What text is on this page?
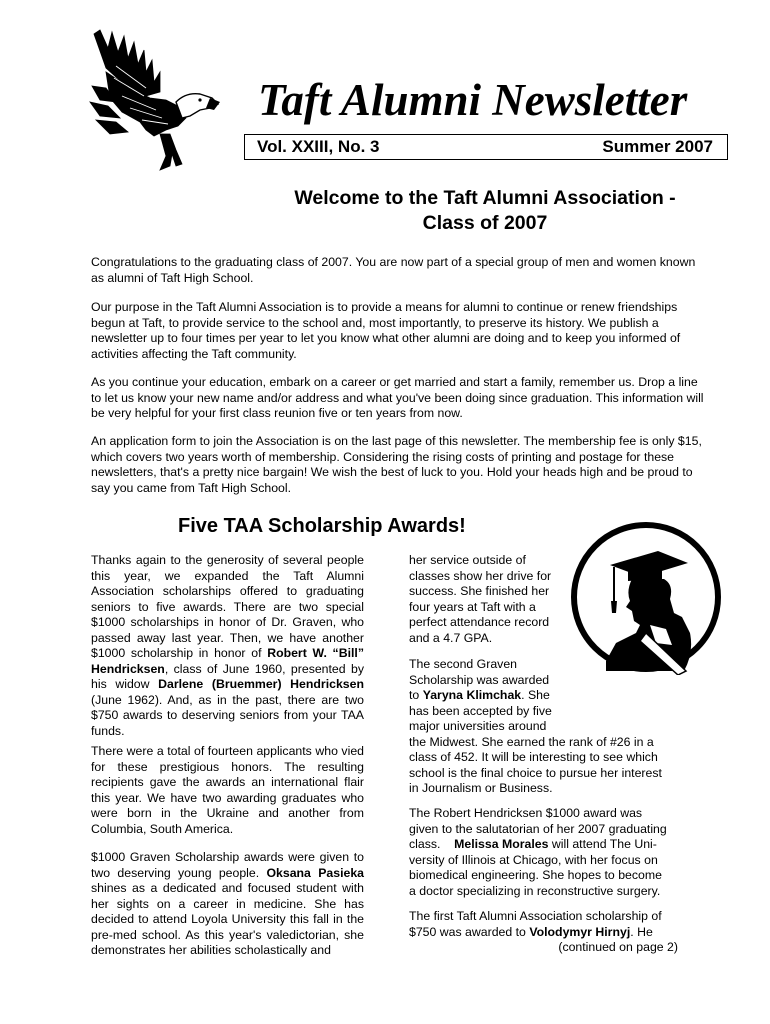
Taft Alumni Newsletter
Vol. XXIII, No. 3	Summer 2007
Welcome to the Taft Alumni Association -
Class of 2007

Congratulations to the graduating class of 2007. You are now part of a special group of men and women known as alumni of Taft High School.

Our purpose in the Taft Alumni Association is to provide a means for alumni to continue or renew friendships begun at Taft, to provide service to the school and, most importantly, to preserve its history. We publish a newsletter up to four times per year to let you know what other alumni are doing and to keep you informed of activities affecting the Taft community.

As you continue your education, embark on a career or get married and start a family, remember us. Drop a line to let us know your new name and/or address and what you've been doing since graduation. This information will be very helpful for your first class reunion five or ten years from now.

An application form to join the Association is on the last page of this newsletter. The membership fee is only $15, which covers two years worth of membership. Considering the rising costs of printing and postage for these newsletters, that's a pretty nice bargain! We wish the best of luck to you. Hold your heads high and be proud to say you came from Taft High School.

Five TAA Scholarship Awards!

Thanks again to the generosity of several people this year, we expanded the Taft Alumni Association scholarships offered to graduating seniors to five awards. There are two special $1000 scholarships in honor of Dr. Graven, who passed away last year. Then, we have another $1000 scholarship in honor of Robert W. “Bill” Hendricksen, class of June 1960, presented by his widow Darlene (Bruemmer) Hendricksen (June 1962). And, as in the past, there are two $750 awards to deserving seniors from your TAA funds.

There were a total of fourteen applicants who vied for these prestigious honors. The resulting recipients gave the awards an international flair this year. We have two awarding graduates who were born in the Ukraine and another from Columbia, South America.

$1000 Graven Scholarship awards were given to two deserving young people. Oksana Pasieka shines as a dedicated and focused student with her sights on a career in medicine. She has decided to attend Loyola University this fall in the pre-med school. As this year's valedictorian, she demonstrates her abilities scholastically and

her service outside of
classes show her drive for
success. She finished her
four years at Taft with a
perfect attendance record
and a 4.7 GPA.
The second Graven
Scholarship was awarded
to Yaryna Klimchak. She
has been accepted by five
major universities around
the Midwest. She earned the rank of #26 in a
class of 452. It will be interesting to see which
school is the final choice to pursue her interest
in Journalism or Business.
The Robert Hendricksen $1000 award was
given to the salutatorian of her 2007 graduating
class.    Melissa Morales will attend The Uni-
versity of Illinois at Chicago, with her focus on
biomedical engineering. She hopes to become
a doctor specializing in reconstructive surgery.
The first Taft Alumni Association scholarship of
$750 was awarded to Volodymyr Hirnyj. He
(continued on page 2)
